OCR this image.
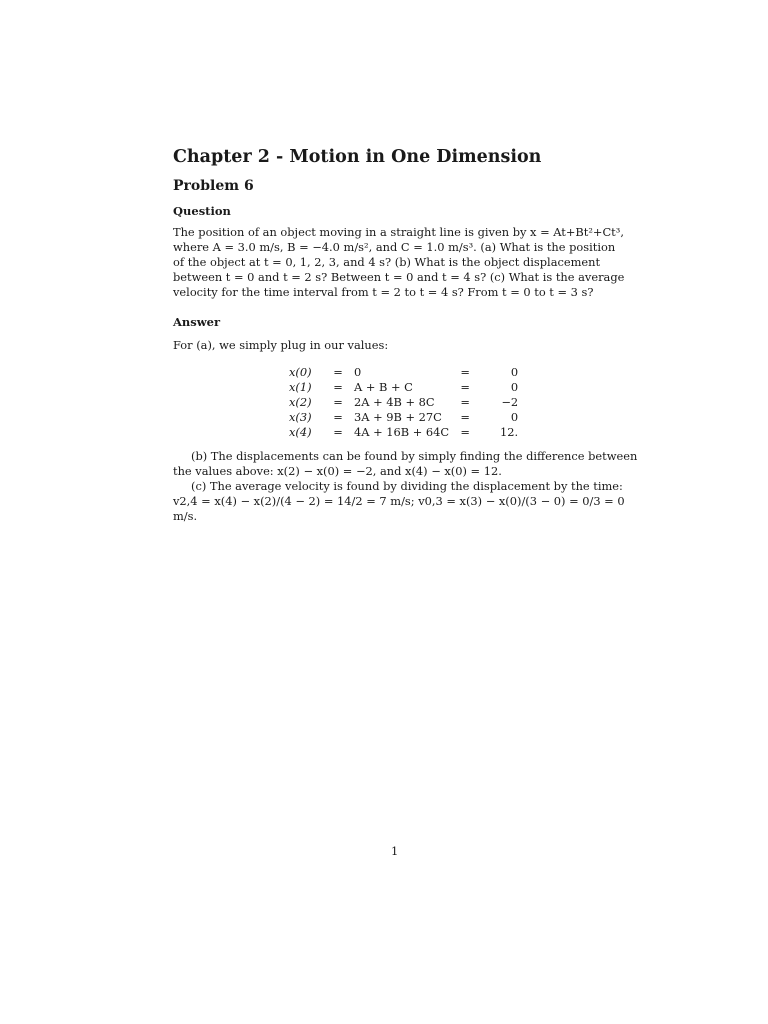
Chapter 2 - Motion in One Dimension
Problem 6
Question
The position of an object moving in a straight line is given by x = At+Bt²+Ct³,
where A = 3.0 m/s, B = −4.0 m/s², and C = 1.0 m/s³. (a) What is the position
of the object at t = 0, 1, 2, 3, and 4 s? (b) What is the object displacement
between t = 0 and t = 2 s? Between t = 0 and t = 4 s? (c) What is the average
velocity for the time interval from t = 2 to t = 4 s? From t = 0 to t = 3 s?
Answer
For (a), we simply plug in our values:
x(0)	=	0	=	0
x(1)	=	A + B + C	=	0
x(2)	=	2A + 4B + 8C	=	−2
x(3)	=	3A + 9B + 27C	=	0
x(4)	=	4A + 16B + 64C	=	12.
(b) The displacements can be found by simply finding the difference between
the values above: x(2) − x(0) = −2, and x(4) − x(0) = 12.
(c) The average velocity is found by dividing the displacement by the time:
v2,4 = x(4) − x(2)/(4 − 2) = 14/2 = 7 m/s; v0,3 = x(3) − x(0)/(3 − 0) = 0/3 = 0
m/s.
1
